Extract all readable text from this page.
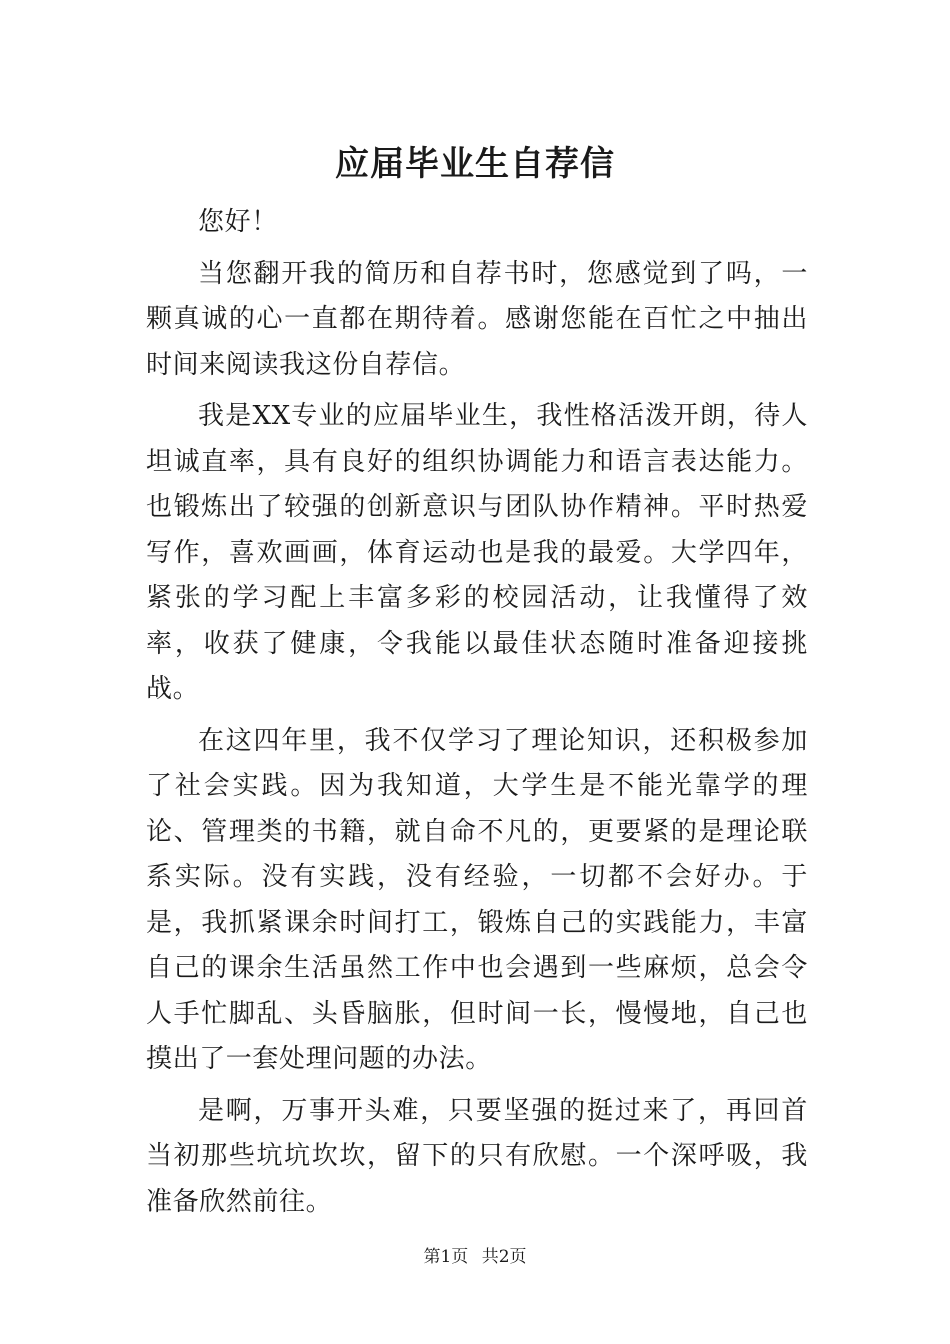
应届毕业生自荐信

您好！

当您翻开我的简历和自荐书时，您感觉到了吗，一颗真诚的心一直都在期待着。感谢您能在百忙之中抽出时间来阅读我这份自荐信。

我是XX专业的应届毕业生，我性格活泼开朗，待人坦诚直率，具有良好的组织协调能力和语言表达能力。也锻炼出了较强的创新意识与团队协作精神。平时热爱写作，喜欢画画，体育运动也是我的最爱。大学四年，紧张的学习配上丰富多彩的校园活动，让我懂得了效率，收获了健康，令我能以最佳状态随时准备迎接挑战。

在这四年里，我不仅学习了理论知识，还积极参加了社会实践。因为我知道，大学生是不能光靠学的理论、管理类的书籍，就自命不凡的，更要紧的是理论联系实际。没有实践，没有经验，一切都不会好办。于是，我抓紧课余时间打工，锻炼自己的实践能力，丰富自己的课余生活虽然工作中也会遇到一些麻烦，总会令人手忙脚乱、头昏脑胀，但时间一长，慢慢地，自己也摸出了一套处理问题的办法。

是啊，万事开头难，只要坚强的挺过来了，再回首当初那些坑坑坎坎，留下的只有欣慰。一个深呼吸，我准备欣然前往。

第1页 共2页
